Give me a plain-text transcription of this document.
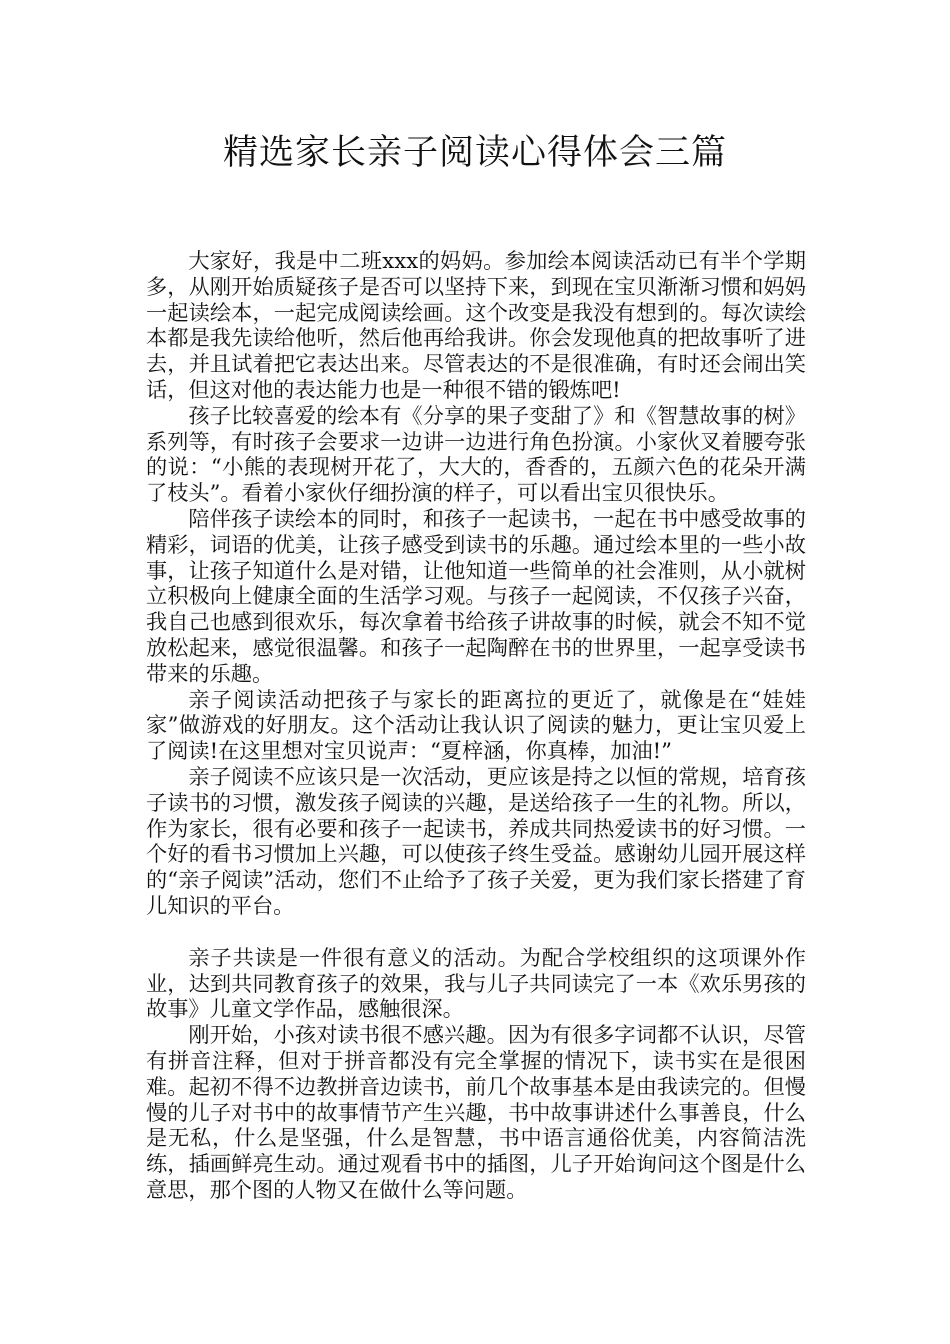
精选家长亲子阅读心得体会三篇

大家好，我是中二班xxx的妈妈。参加绘本阅读活动已有半个学期多，从刚开始质疑孩子是否可以坚持下来，到现在宝贝渐渐习惯和妈妈一起读绘本，一起完成阅读绘画。这个改变是我没有想到的。每次读绘本都是我先读给他听，然后他再给我讲。你会发现他真的把故事听了进去，并且试着把它表达出来。尽管表达的不是很准确，有时还会闹出笑话，但这对他的表达能力也是一种很不错的锻炼吧!

孩子比较喜爱的绘本有《分享的果子变甜了》和《智慧故事的树》系列等，有时孩子会要求一边讲一边进行角色扮演。小家伙叉着腰夸张的说：“小熊的表现树开花了，大大的，香香的，五颜六色的花朵开满了枝头”。看着小家伙仔细扮演的样子，可以看出宝贝很快乐。

陪伴孩子读绘本的同时，和孩子一起读书，一起在书中感受故事的精彩，词语的优美，让孩子感受到读书的乐趣。通过绘本里的一些小故事，让孩子知道什么是对错，让他知道一些简单的社会准则，从小就树立积极向上健康全面的生活学习观。与孩子一起阅读，不仅孩子兴奋，我自己也感到很欢乐，每次拿着书给孩子讲故事的时候，就会不知不觉放松起来，感觉很温馨。和孩子一起陶醉在书的世界里，一起享受读书带来的乐趣。

亲子阅读活动把孩子与家长的距离拉的更近了，就像是在“娃娃家”做游戏的好朋友。这个活动让我认识了阅读的魅力，更让宝贝爱上了阅读!在这里想对宝贝说声：“夏梓涵，你真棒，加油!”

亲子阅读不应该只是一次活动，更应该是持之以恒的常规，培育孩子读书的习惯，激发孩子阅读的兴趣，是送给孩子一生的礼物。所以，作为家长，很有必要和孩子一起读书，养成共同热爱读书的好习惯。一个好的看书习惯加上兴趣，可以使孩子终生受益。感谢幼儿园开展这样的“亲子阅读”活动，您们不止给予了孩子关爱，更为我们家长搭建了育儿知识的平台。

亲子共读是一件很有意义的活动。为配合学校组织的这项课外作业，达到共同教育孩子的效果，我与儿子共同读完了一本《欢乐男孩的故事》儿童文学作品，感触很深。

刚开始，小孩对读书很不感兴趣。因为有很多字词都不认识，尽管有拼音注释，但对于拼音都没有完全掌握的情况下，读书实在是很困难。起初不得不边教拼音边读书，前几个故事基本是由我读完的。但慢慢的儿子对书中的故事情节产生兴趣，书中故事讲述什么事善良，什么是无私，什么是坚强，什么是智慧，书中语言通俗优美，内容简洁洗练，插画鲜亮生动。通过观看书中的插图，儿子开始询问这个图是什么意思，那个图的人物又在做什么等问题。
